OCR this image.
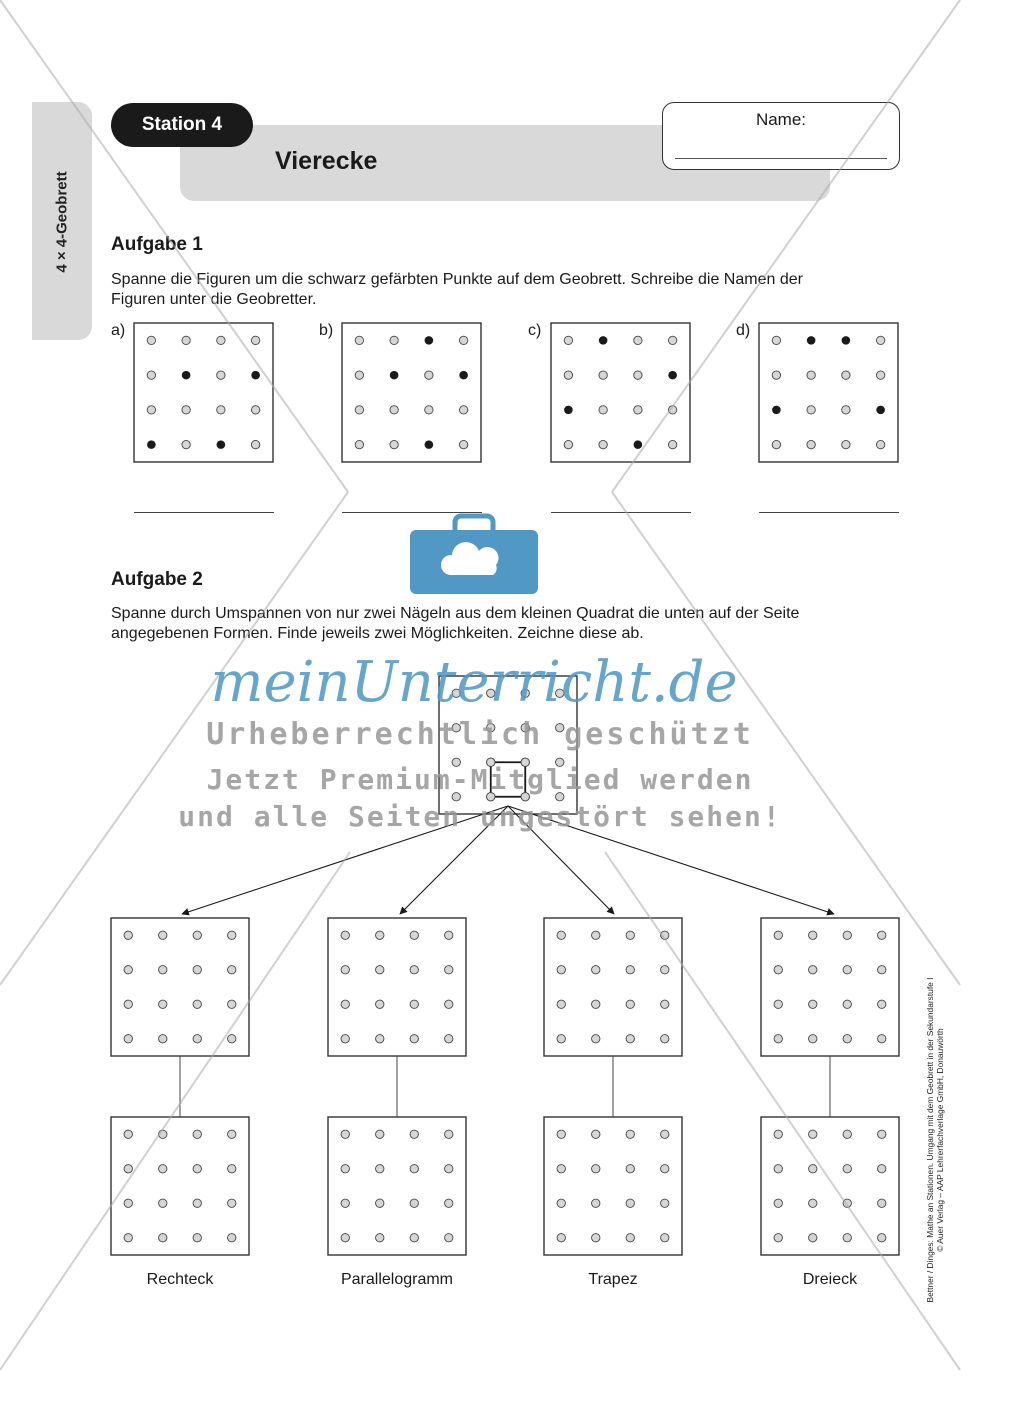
4 × 4-Geobrett
Station 4
Vierecke
Name:
Aufgabe 1
Spanne die Figuren um die schwarz gefärbten Punkte auf dem Geobrett. Schreibe die Namen der
Figuren unter die Geobretter.
a)	b)	c)	d)
Aufgabe 2
Spanne durch Umspannen von nur zwei Nägeln aus dem kleinen Quadrat die unten auf der Seite
angegebenen Formen. Finde jeweils zwei Möglichkeiten. Zeichne diese ab.
Rechteck	Parallelogramm	Trapez	Dreieck	Bettner / Dinges: Mathe an Stationen. Umgang mit dem Geobrett in der Sekundarstufe I © Auer Verlag – AAP Lehrerfachverlage GmbH, Donauwörth
meinUnterricht.de
Urheberrechtlich geschützt
Jetzt Premium-Mitglied werden
und alle Seiten ungestört sehen!
